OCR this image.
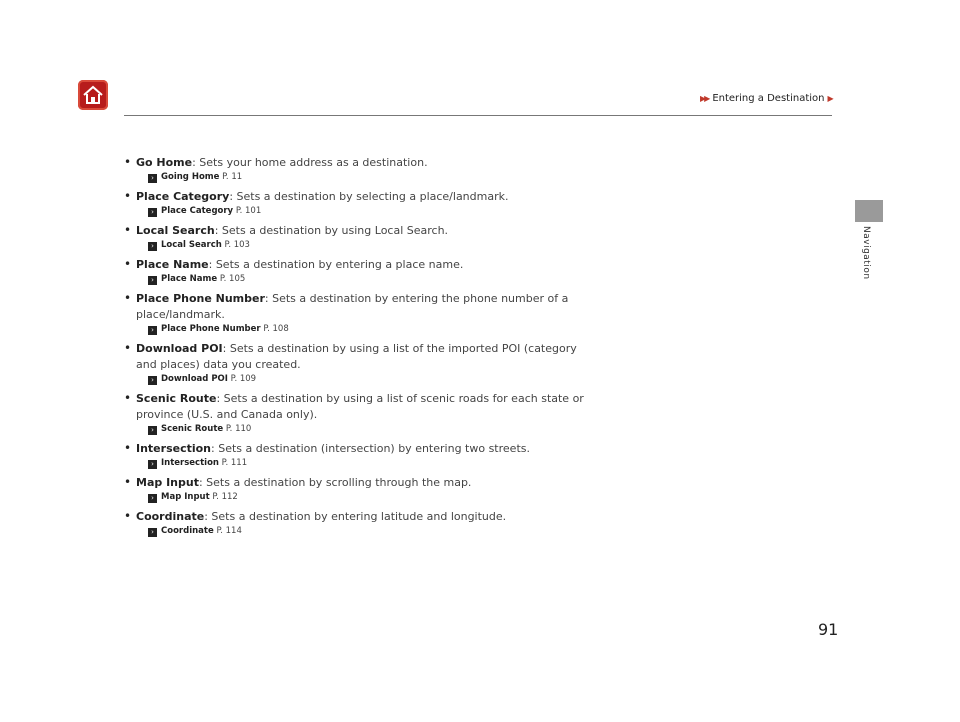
▶▶ Entering a Destination ▶
Navigation
• Go Home: Sets your home address as a destination.
› Going Home P. 11
• Place Category: Sets a destination by selecting a place/landmark.
› Place Category P. 101
• Local Search: Sets a destination by using Local Search.
› Local Search P. 103
• Place Name: Sets a destination by entering a place name.
› Place Name P. 105
• Place Phone Number: Sets a destination by entering the phone number of a
place/landmark.
› Place Phone Number P. 108
• Download POI: Sets a destination by using a list of the imported POI (category
and places) data you created.
› Download POI P. 109
• Scenic Route: Sets a destination by using a list of scenic roads for each state or
province (U.S. and Canada only).
› Scenic Route P. 110
• Intersection: Sets a destination (intersection) by entering two streets.
› Intersection P. 111
• Map Input: Sets a destination by scrolling through the map.
› Map Input P. 112
• Coordinate: Sets a destination by entering latitude and longitude.
› Coordinate P. 114
91
